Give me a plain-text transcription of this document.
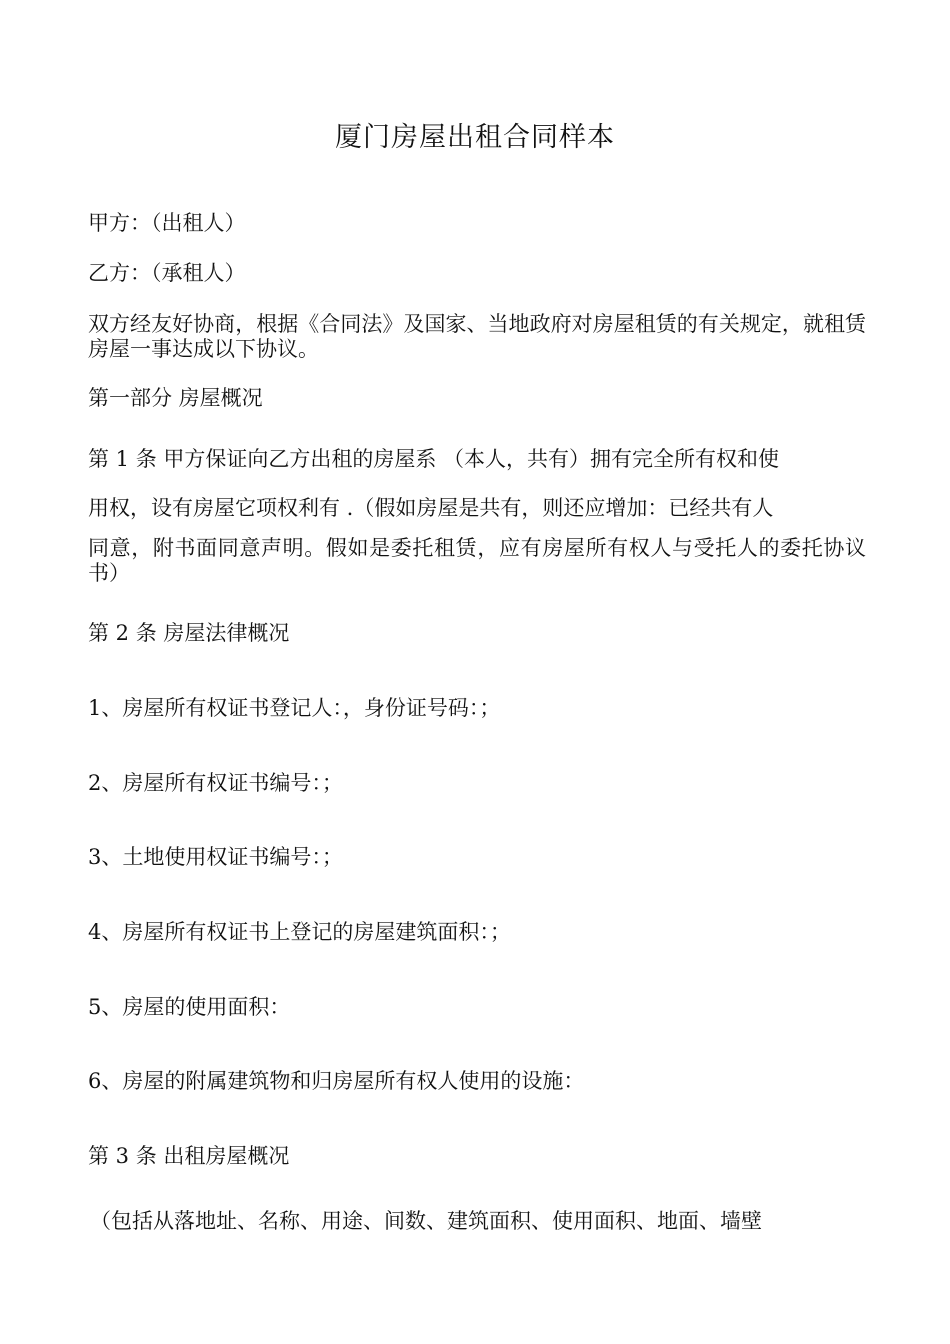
厦门房屋出租合同样本
甲方：（出租人）
乙方：（承租人）
双方经友好协商，根据《合同法》及国家、当地政府对房屋租赁的有关规定，就租赁房屋一事达成以下协议。
第一部分 房屋概况
第 1 条 甲方保证向乙方出租的房屋系 （本人，共有）拥有完全所有权和使
用权，设有房屋它项权利有 .（假如房屋是共有，则还应增加：已经共有人
同意，附书面同意声明。假如是委托租赁，应有房屋所有权人与受托人的委托协议书）
第 2 条 房屋法律概况
1、房屋所有权证书登记人：，身份证号码：；
2、房屋所有权证书编号：；
3、土地使用权证书编号：；
4、房屋所有权证书上登记的房屋建筑面积：；
5、房屋的使用面积：
6、房屋的附属建筑物和归房屋所有权人使用的设施：
第 3 条 出租房屋概况
（包括从落地址、名称、用途、间数、建筑面积、使用面积、地面、墙壁
